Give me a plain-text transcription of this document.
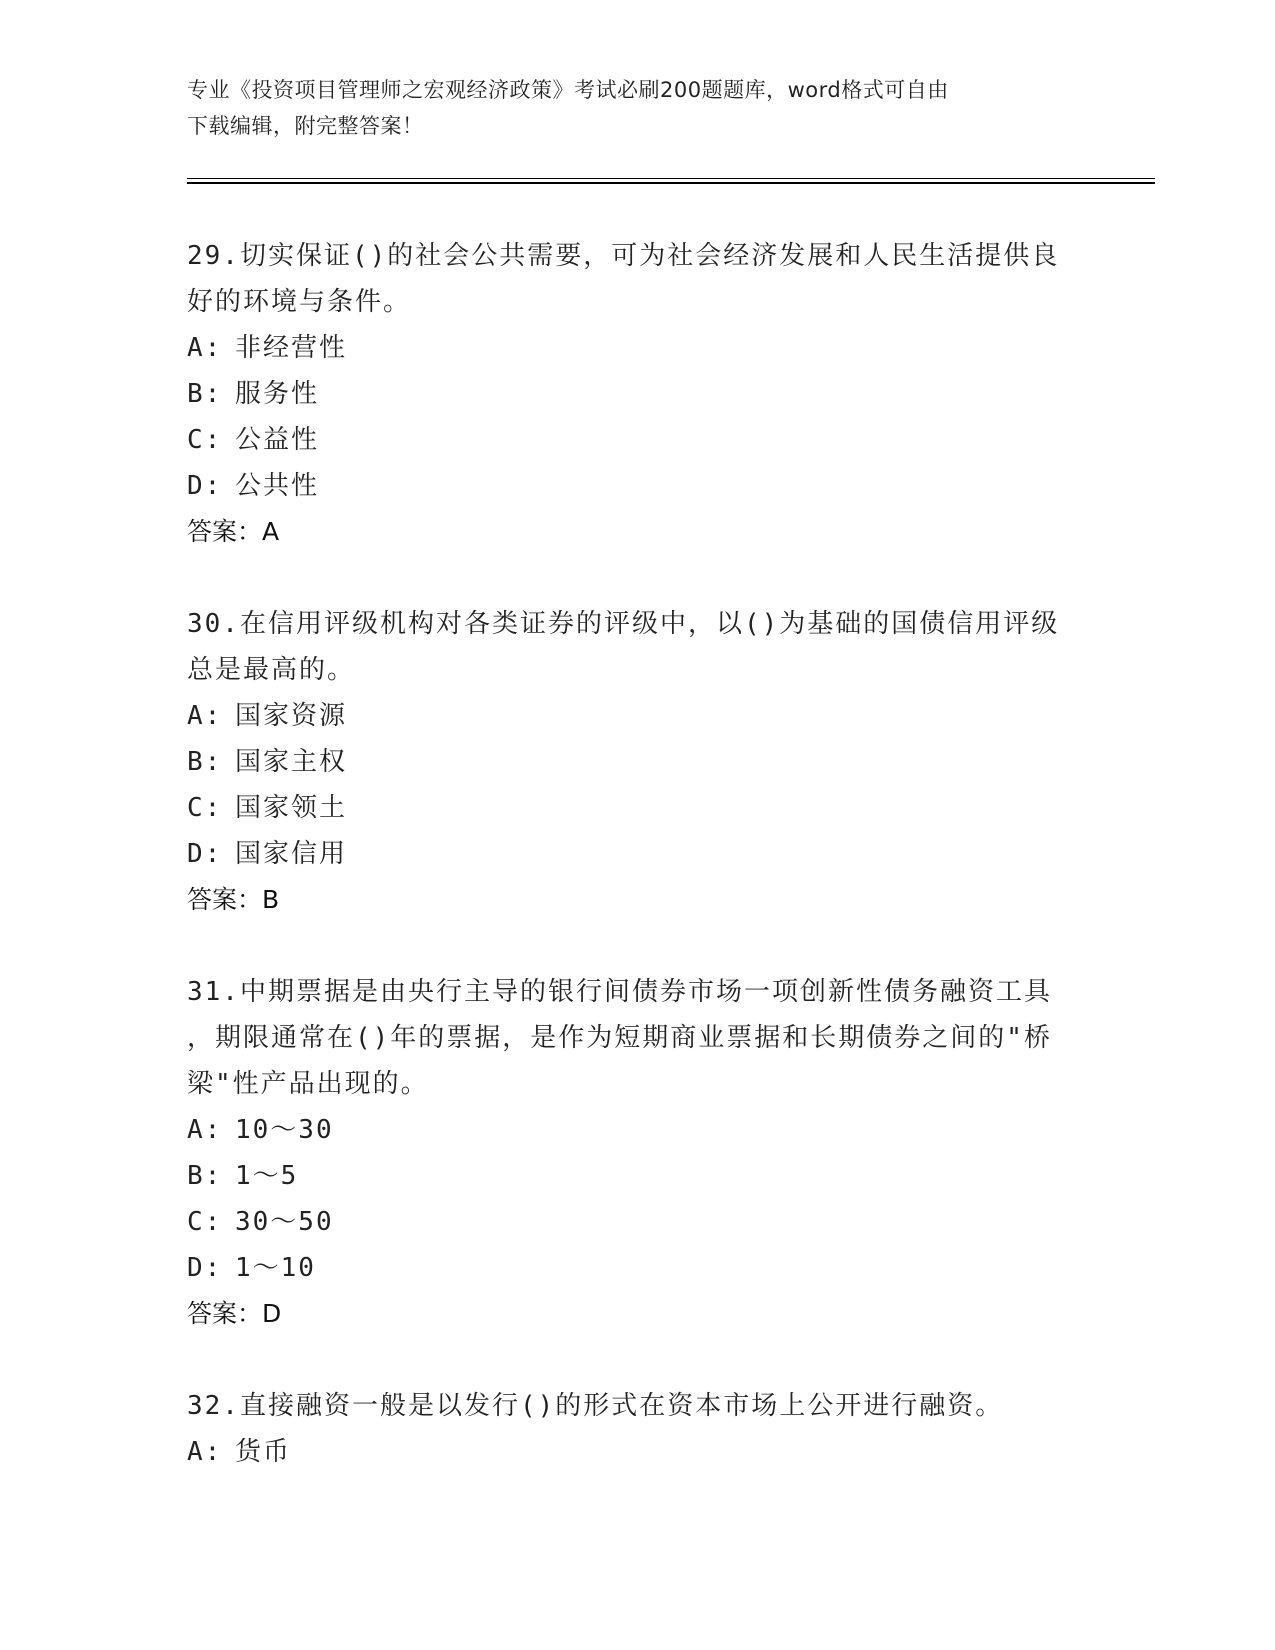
专业《投资项目管理师之宏观经济政策》考试必刷200题题库，word格式可自由
下载编辑，附完整答案！
29.切实保证()的社会公共需要，可为社会经济发展和人民生活提供良
好的环境与条件。
A: 非经营性
B: 服务性
C: 公益性
D: 公共性
答案：A
30.在信用评级机构对各类证券的评级中，以()为基础的国债信用评级
总是最高的。
A: 国家资源
B: 国家主权
C: 国家领土
D: 国家信用
答案：B
31.中期票据是由央行主导的银行间债券市场一项创新性债务融资工具
，期限通常在()年的票据，是作为短期商业票据和长期债券之间的"桥
梁"性产品出现的。
A: 10～30
B: 1～5
C: 30～50
D: 1～10
答案：D
32.直接融资一般是以发行()的形式在资本市场上公开进行融资。
A: 货币
